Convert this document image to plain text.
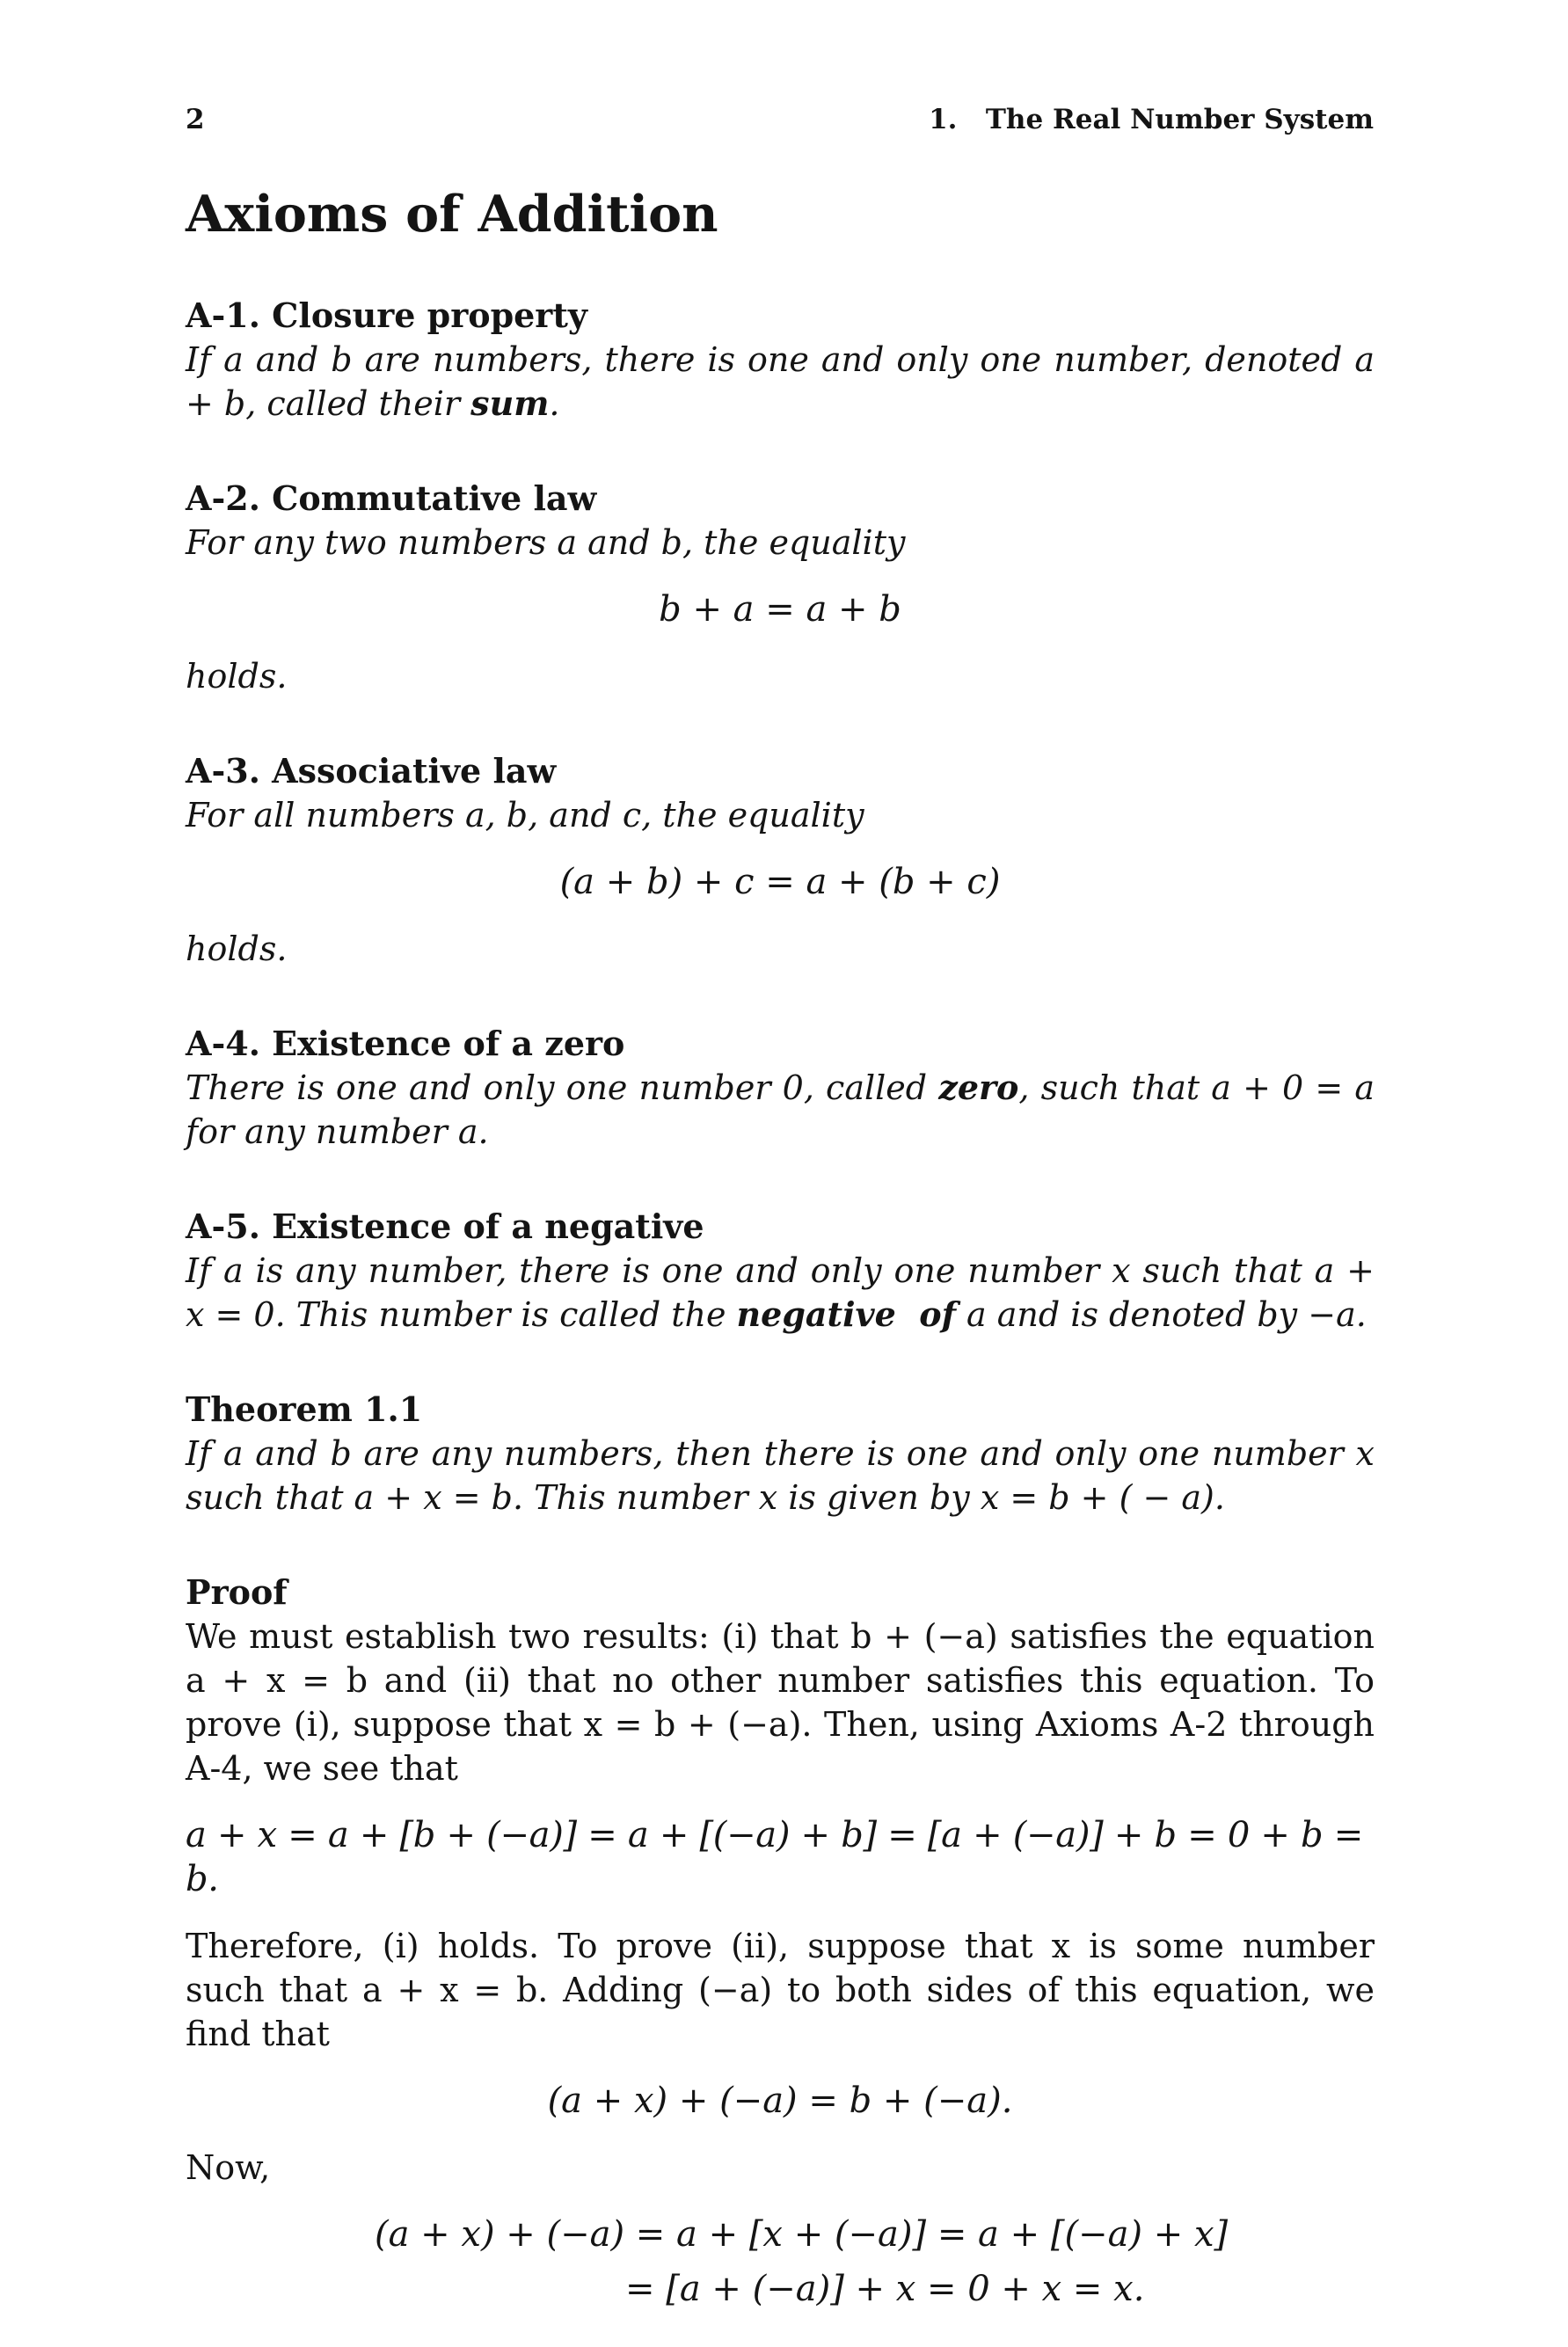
2	1.   The Real Number System
Axioms of Addition
A-1. Closure property
If a and b are numbers, there is one and only one number, denoted a + b, called their sum.
A-2. Commutative law
For any two numbers a and b, the equality
b + a = a + b
holds.
A-3. Associative law
For all numbers a, b, and c, the equality
(a + b) + c = a + (b + c)
holds.
A-4. Existence of a zero
There is one and only one number 0, called zero, such that a + 0 = a for any number a.
A-5. Existence of a negative
If a is any number, there is one and only one number x such that a + x = 0. This number is called the negative  of a and is denoted by −a.
Theorem 1.1
If a and b are any numbers, then there is one and only one number x such that a + x = b. This number x is given by x = b + ( − a).
Proof
We must establish two results: (i) that b + (−a) satisfies the equation a + x = b and (ii) that no other number satisfies this equation. To prove (i), suppose that x = b + (−a). Then, using Axioms A-2 through A-4, we see that
a + x = a + [b + (−a)] = a + [(−a) + b] = [a + (−a)] + b = 0 + b = b.
Therefore, (i) holds. To prove (ii), suppose that x is some number such that a + x = b. Adding (−a) to both sides of this equation, we find that
(a + x) + (−a) = b + (−a).
Now,
(a + x) + (−a) = a + [x + (−a)] = a + [(−a) + x]
= [a + (−a)] + x = 0 + x = x.
